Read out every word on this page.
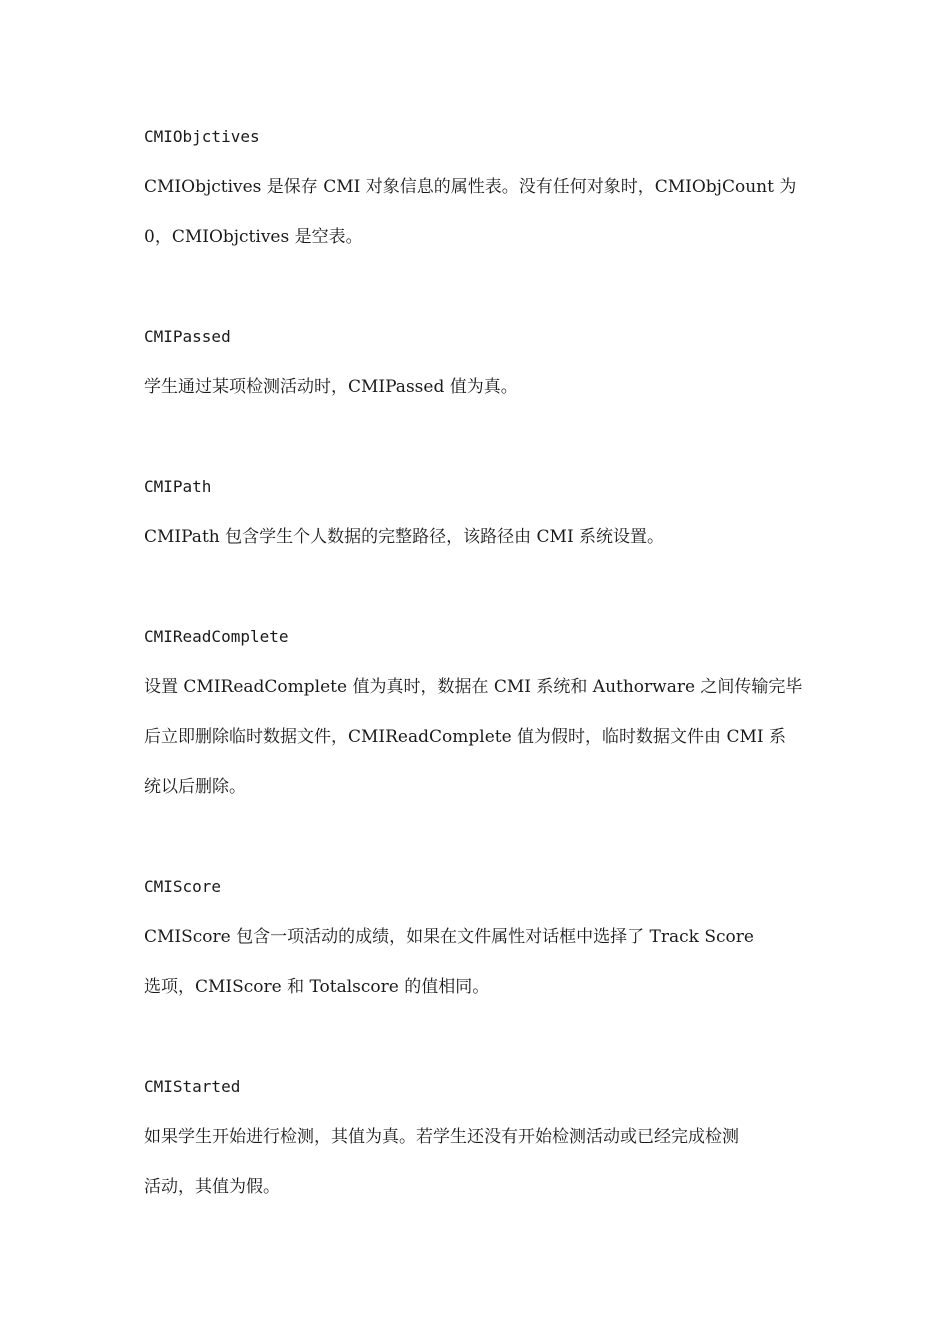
CMIObjctives

CMIObjctives 是保存 CMI 对象信息的属性表。没有任何对象时，CMIObjCount 为
0，CMIObjctives 是空表。

CMIPassed

学生通过某项检测活动时，CMIPassed 值为真。

CMIPath

CMIPath 包含学生个人数据的完整路径，该路径由 CMI 系统设置。

CMIReadComplete

设置 CMIReadComplete 值为真时，数据在 CMI 系统和 Authorware 之间传输完毕
后立即删除临时数据文件，CMIReadComplete 值为假时，临时数据文件由 CMI 系
统以后删除。

CMIScore

CMIScore 包含一项活动的成绩，如果在文件属性对话框中选择了 Track Score
选项，CMIScore 和 Totalscore 的值相同。

CMIStarted

如果学生开始进行检测，其值为真。若学生还没有开始检测活动或已经完成检测
活动，其值为假。
